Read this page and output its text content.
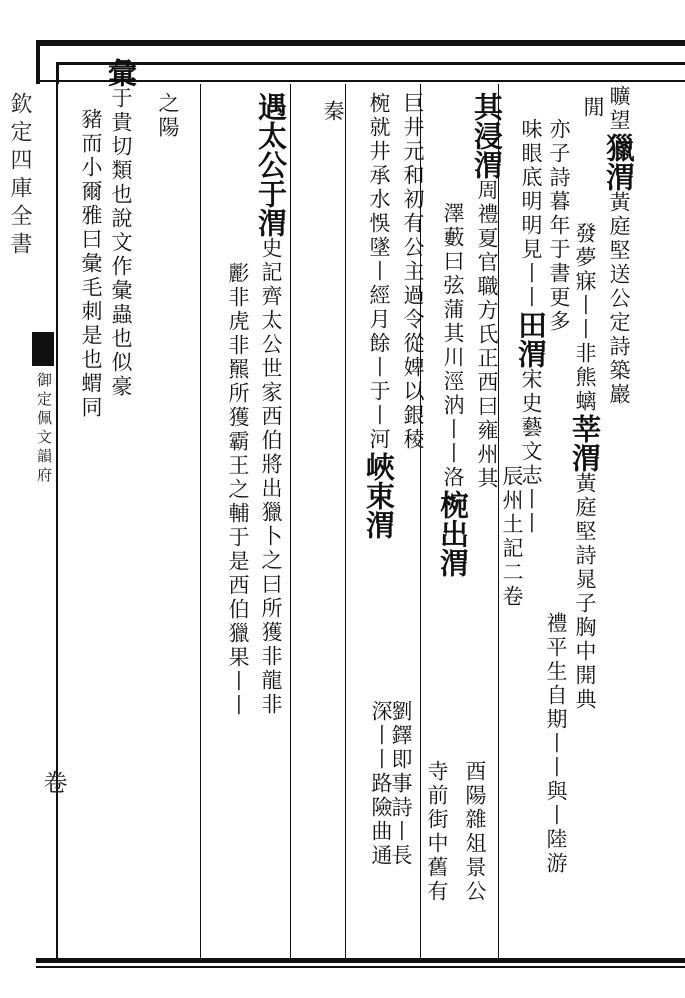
欽定四庫全書
御定佩文韻府
卷
曠望獵渭黃庭堅送公定詩築巖
閒
發夢寐丨丨非熊螭莘渭黃庭堅詩晁子胸中開典
亦子詩暮年于書更多
禮平生自期丨丨與丨陸游
味眼底明明見丨丨田渭宋史藝文志丨丨
辰州土記二卷
其浸渭周禮夏官職方氏正西曰雍州其
澤藪曰弦蒲其川涇汭丨丨洛椀出渭
酉陽雜俎景公
寺前街中舊有
巨井元和初有公主過令從婢以銀稜
椀就井承水悞墜丨經月餘丨于丨河峽束渭
深丨丨路險曲通
劉鐸即事詩丨長
秦
遇太公于渭史記齊太公世家西伯將出獵卜之曰所獲非龍非
彲非虎非羆所獲霸王之輔于是西伯獵果丨丨
之陽
彙于貴切類也說文作彙蟲也似豪
豬而小爾雅曰彙毛刺是也蝟同
